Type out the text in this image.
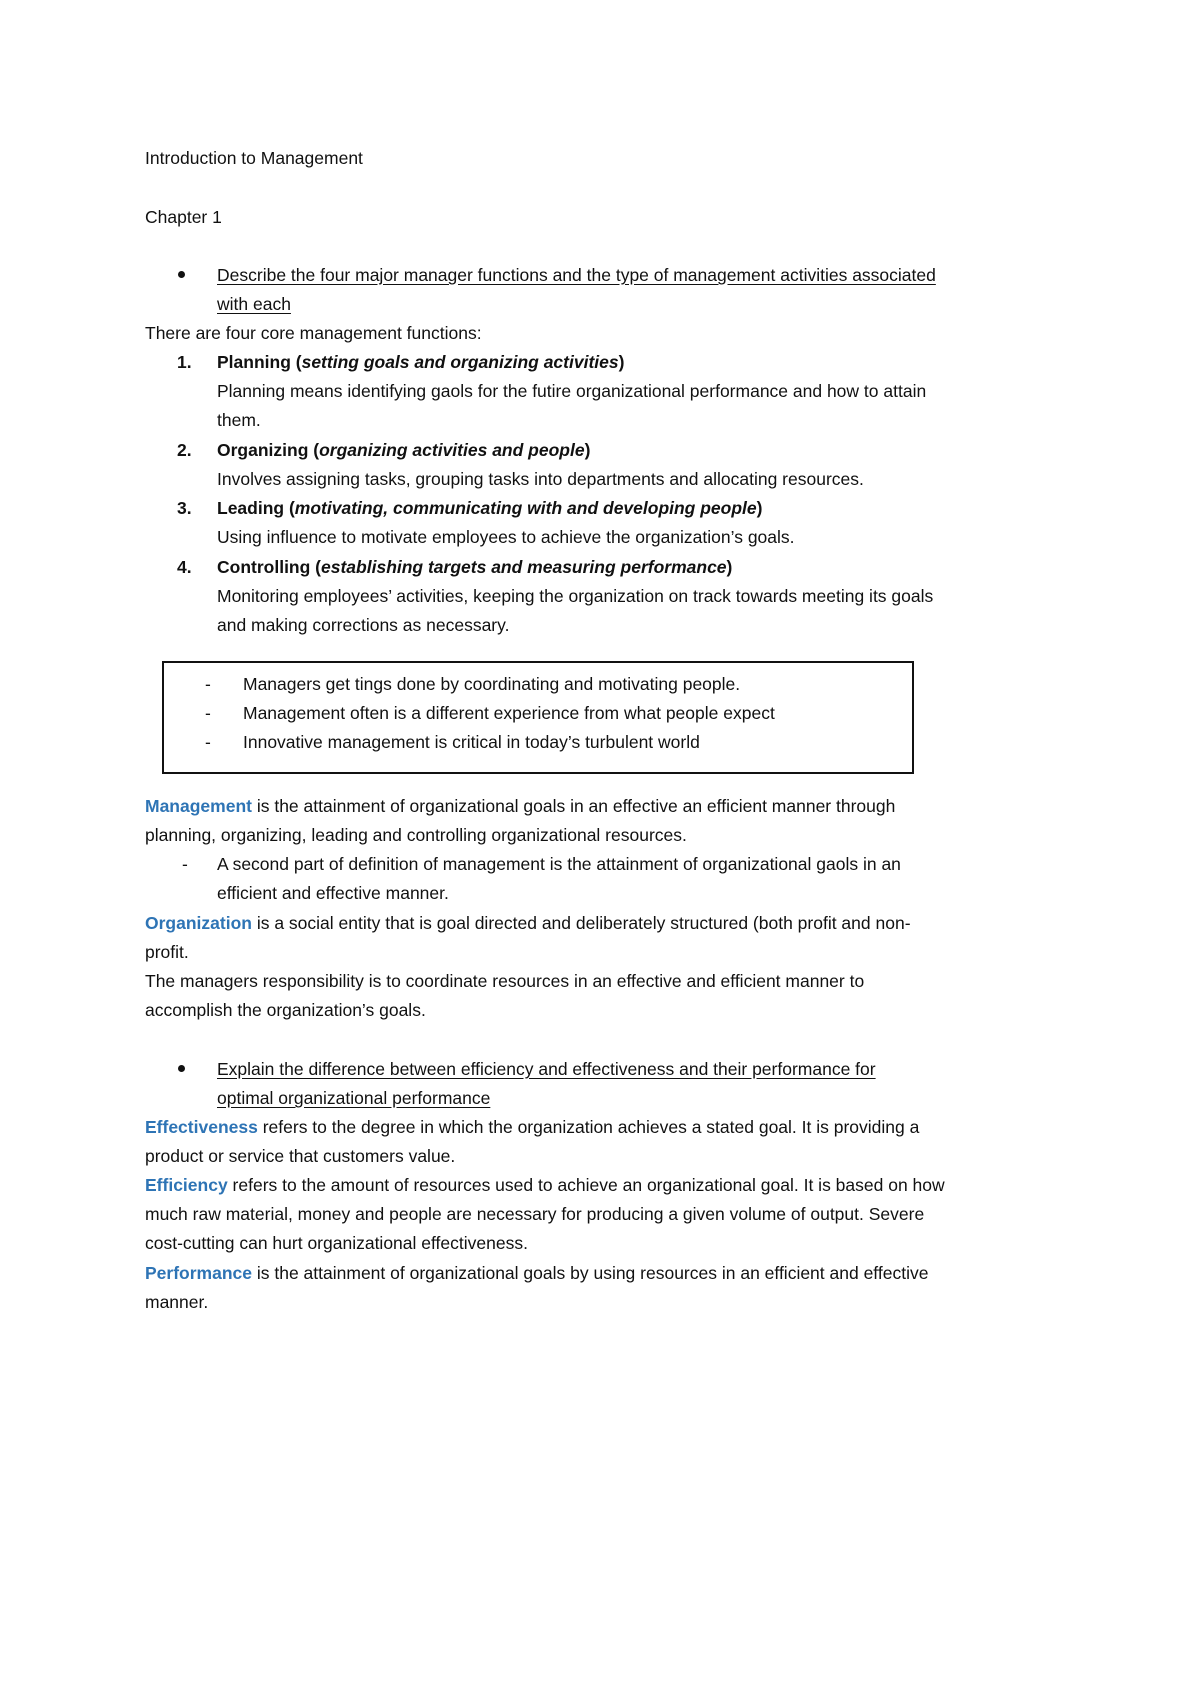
Introduction to Management
Chapter 1
Describe the four major manager functions and the type of management activities associated
with each
There are four core management functions:
1. Planning (setting goals and organizing activities)
Planning means identifying gaols for the futire organizational performance and how to attain
them.
2. Organizing (organizing activities and people)
Involves assigning tasks, grouping tasks into departments and allocating resources.
3. Leading (motivating, communicating with and developing people)
Using influence to motivate employees to achieve the organization’s goals.
4. Controlling (establishing targets and measuring performance)
Monitoring employees’ activities, keeping the organization on track towards meeting its goals
and making corrections as necessary.
- Managers get tings done by coordinating and motivating people.
- Management often is a different experience from what people expect
- Innovative management is critical in today’s turbulent world
Management is the attainment of organizational goals in an effective an efficient manner through
planning, organizing, leading and controlling organizational resources.
- A second part of definition of management is the attainment of organizational gaols in an
efficient and effective manner.
Organization is a social entity that is goal directed and deliberately structured (both profit and non-
profit.
The managers responsibility is to coordinate resources in an effective and efficient manner to
accomplish the organization’s goals.
Explain the difference between efficiency and effectiveness and their performance for
optimal organizational performance
Effectiveness refers to the degree in which the organization achieves a stated goal. It is providing a
product or service that customers value.
Efficiency refers to the amount of resources used to achieve an organizational goal. It is based on how
much raw material, money and people are necessary for producing a given volume of output. Severe
cost-cutting can hurt organizational effectiveness.
Performance is the attainment of organizational goals by using resources in an efficient and effective
manner.
